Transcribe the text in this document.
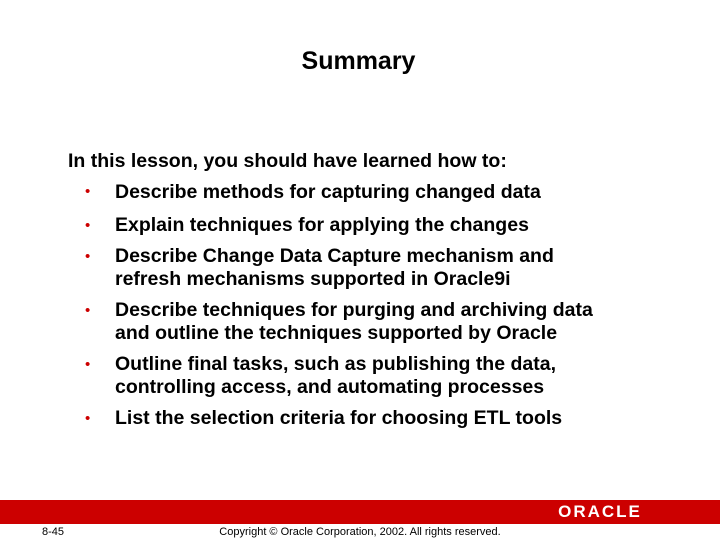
Summary
In this lesson, you should have learned how to:
• Describe methods for capturing changed data
• Explain techniques for applying the changes
• Describe Change Data Capture mechanism and refresh mechanisms supported in Oracle9i
• Describe techniques for purging and archiving data and outline the techniques supported by Oracle
• Outline final tasks, such as publishing the data, controlling access, and automating processes
• List the selection criteria for choosing ETL tools
ORACLE
8-45	Copyright © Oracle Corporation, 2002. All rights reserved.
